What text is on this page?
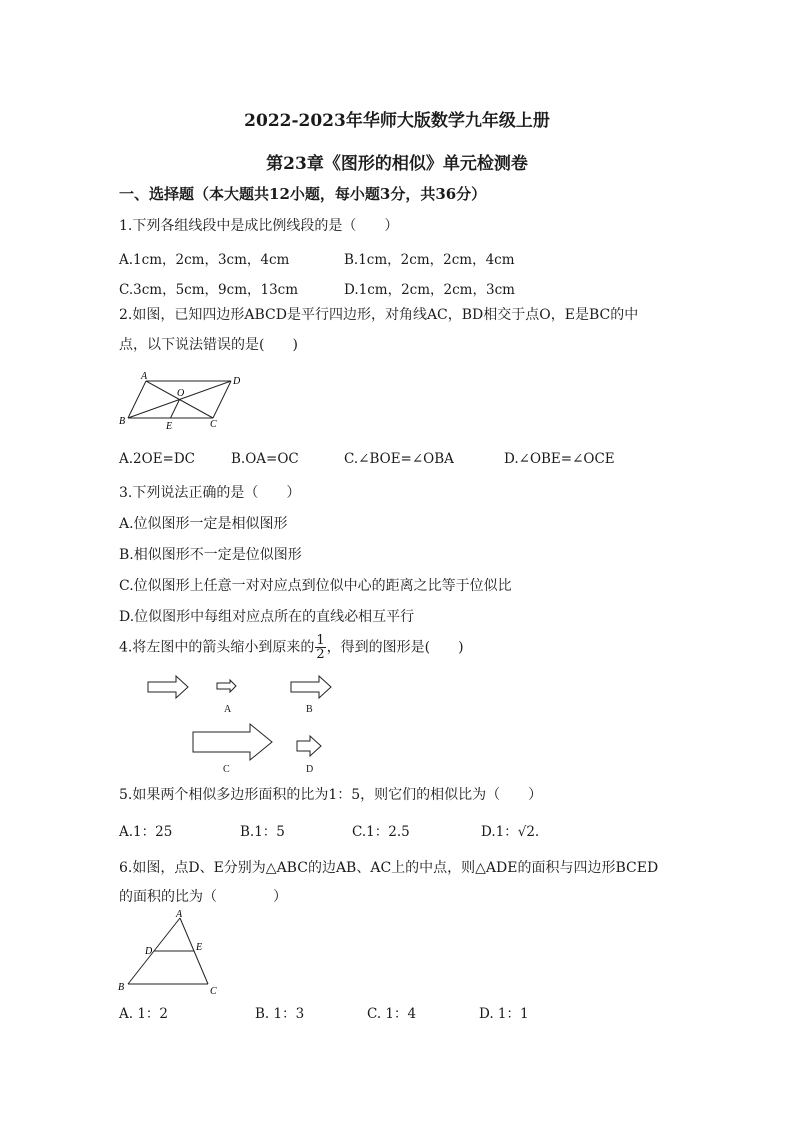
2022-2023年华师大版数学九年级上册
第23章《图形的相似》单元检测卷
一、选择题（本大题共12小题，每小题3分，共36分）
1.下列各组线段中是成比例线段的是（　　）
A.1cm，2cm，3cm，4cm	B.1cm，2cm，2cm，4cm
C.3cm，5cm，9cm，13cm	D.1cm，2cm，2cm，3cm
2.如图，已知四边形ABCD是平行四边形，对角线AC，BD相交于点O，E是BC的中
点，以下说法错误的是(　　)
A	D
B	C
O
E
A.2OE=DC	B.OA=OC	C.∠BOE=∠OBA	D.∠OBE=∠OCE
3.下列说法正确的是（　　）
A.位似图形一定是相似图形
B.相似图形不一定是位似图形
C.位似图形上任意一对对应点到位似中心的距离之比等于位似比
D.位似图形中每组对应点所在的直线必相互平行
4.将左图中的箭头缩小到原来的 $\frac{1}{2}$ ，得到的图形是(　　)
A	B
C	D
5.如果两个相似多边形面积的比为1：5，则它们的相似比为（　　）
A.1：25	B.1：5	C.1：2.5	D.1：√2.
6.如图，点D、E分别为△ABC的边AB、AC上的中点，则△ADE的面积与四边形BCED
的面积的比为（　　　　）
A
D	E
B	C
A. 1：2	B. 1：3	C. 1：4	D. 1：1
